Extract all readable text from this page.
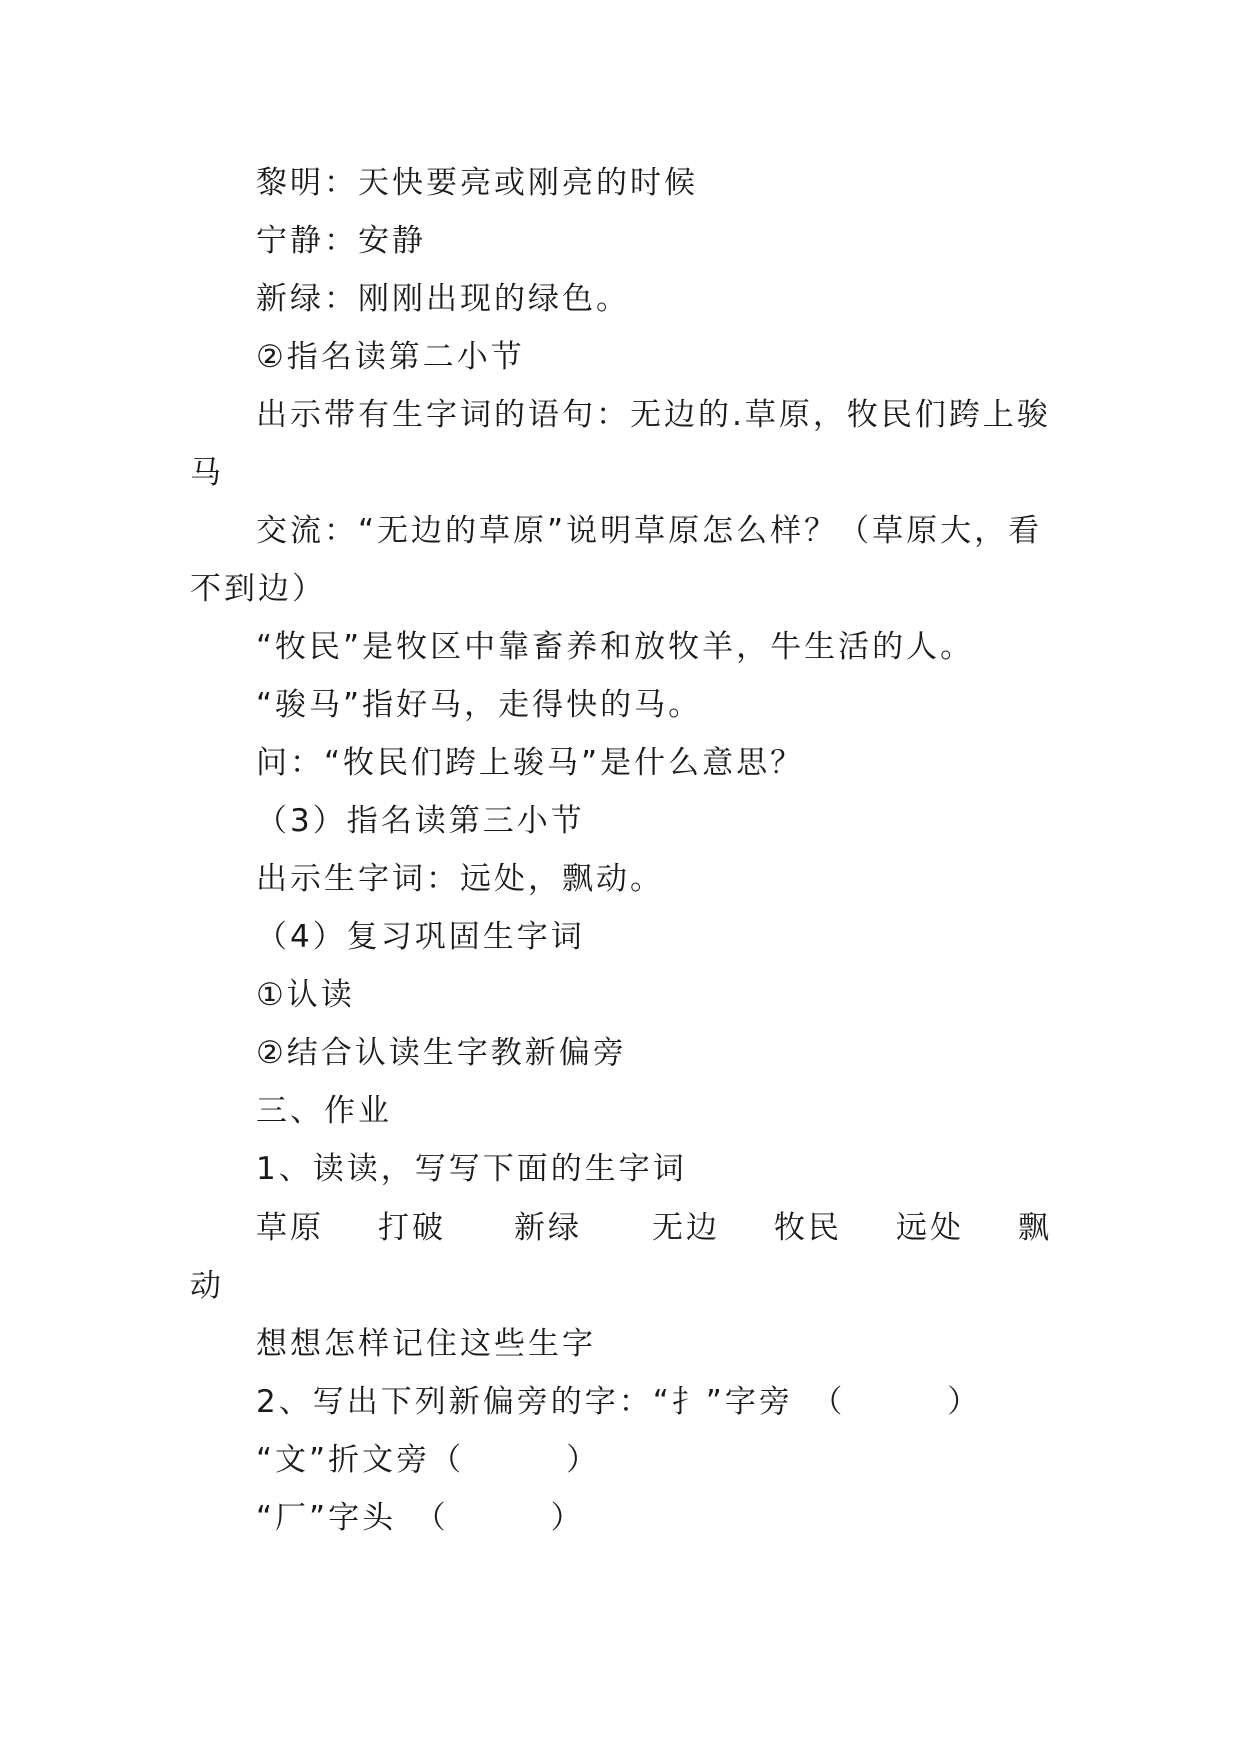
黎明：天快要亮或刚亮的时候
宁静：安静
新绿：刚刚出现的绿色。
②指名读第二小节
出示带有生字词的语句：无边的.草原，牧民们跨上骏
马
交流：“无边的草原”说明草原怎么样？（草原大，看
不到边）
“牧民”是牧区中靠畜养和放牧羊，牛生活的人。
“骏马”指好马，走得快的马。
问：“牧民们跨上骏马”是什么意思？
（3）指名读第三小节
出示生字词：远处，飘动。
（4）复习巩固生字词
①认读
②结合认读生字教新偏旁
三、作业
1、读读，写写下面的生字词
草原 打破 新绿 无边 牧民 远处 飘
动
想想怎样记住这些生字
2、写出下列新偏旁的字：“扌”字旁　（　　　）
“文”折文旁（　　　）
“厂”字头　（　　　）
